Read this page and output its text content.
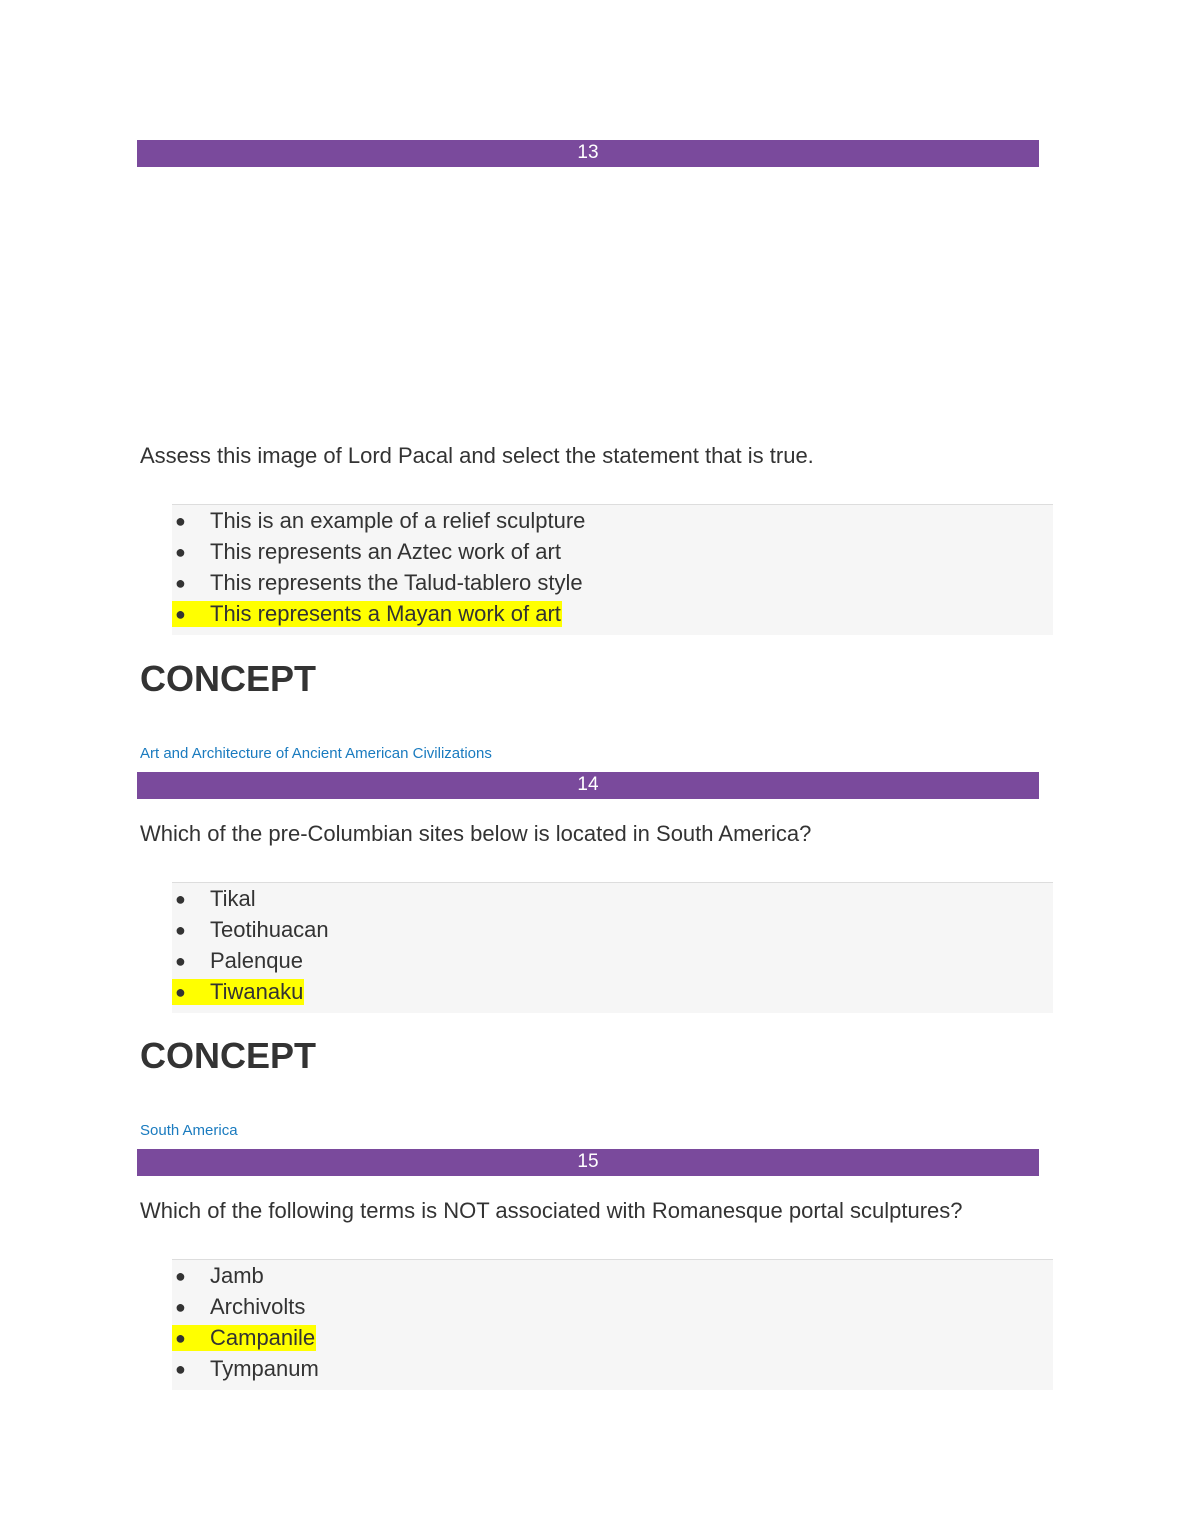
13
Assess this image of Lord Pacal and select the statement that is true.
● This is an example of a relief sculpture
● This represents an Aztec work of art
● This represents the Talud-tablero style
● This represents a Mayan work of art
CONCEPT
Art and Architecture of Ancient American Civilizations
14
Which of the pre-Columbian sites below is located in South America?
● Tikal
● Teotihuacan
● Palenque
● Tiwanaku
CONCEPT
South America
15
Which of the following terms is NOT associated with Romanesque portal sculptures?
● Jamb
● Archivolts
● Campanile
● Tympanum
